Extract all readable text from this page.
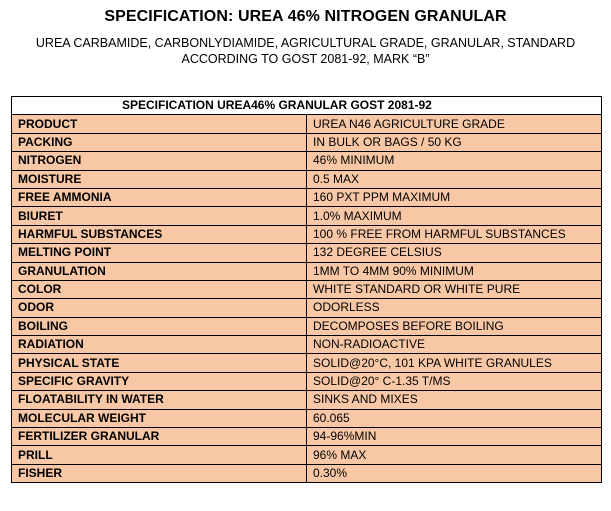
SPECIFICATION: UREA 46% NITROGEN GRANULAR
UREA CARBAMIDE, CARBONLYDIAMIDE, AGRICULTURAL GRADE, GRANULAR, STANDARD
ACCORDING TO GOST 2081-92, MARK “B”
SPECIFICATION UREA46% GRANULAR GOST 2081-92	
PRODUCT	UREA N46 AGRICULTURE GRADE
PACKING	IN BULK OR BAGS / 50 KG
NITROGEN	46% MINIMUM
MOISTURE	0.5 MAX
FREE AMMONIA	160 PXT PPM MAXIMUM
BIURET	1.0% MAXIMUM
HARMFUL SUBSTANCES	100 % FREE FROM HARMFUL SUBSTANCES
MELTING POINT	132 DEGREE CELSIUS
GRANULATION	1MM TO 4MM 90% MINIMUM
COLOR	WHITE STANDARD OR WHITE PURE
ODOR	ODORLESS
BOILING	DECOMPOSES BEFORE BOILING
RADIATION	NON-RADIOACTIVE
PHYSICAL STATE	SOLID@20°C, 101 KPA WHITE GRANULES
SPECIFIC GRAVITY	SOLID@20° C-1.35 T/MS
FLOATABILITY IN WATER	SINKS AND MIXES
MOLECULAR WEIGHT	60.065
FERTILIZER GRANULAR	94-96%MIN
PRILL	96% MAX
FISHER	0.30%
